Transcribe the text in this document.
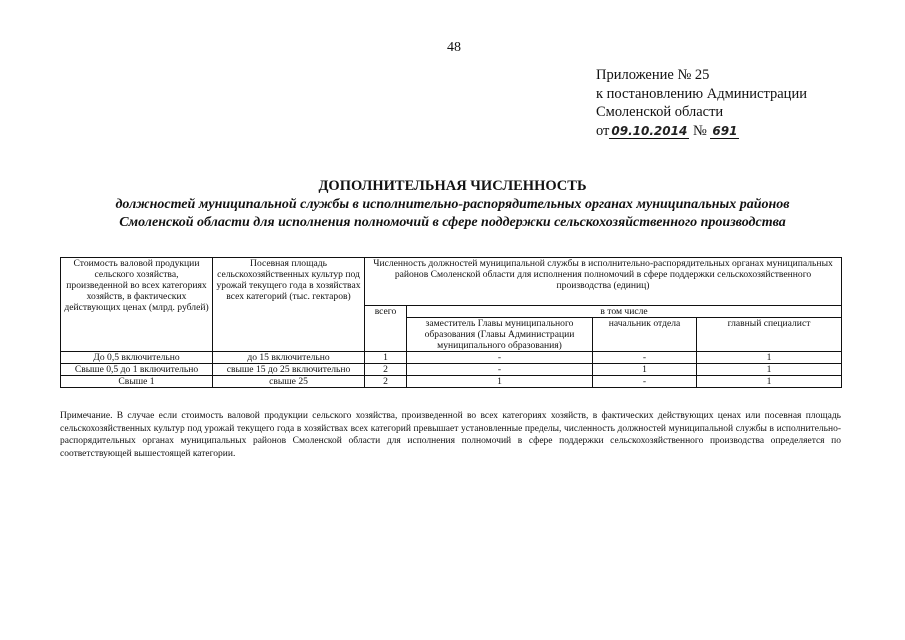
48
Приложение № 25
к постановлению Администрации
Смоленской области
от 09.10.2014 № 691
ДОПОЛНИТЕЛЬНАЯ ЧИСЛЕННОСТЬ
должностей муниципальной службы в исполнительно-распорядительных органах муниципальных районов
Смоленской области для исполнения полномочий в сфере поддержки сельскохозяйственного производства
Стоимость валовой продукции сельского хозяйства, произведенной во всех категориях хозяйств, в фактических действующих ценах (млрд. рублей)	Посевная площадь сельскохозяйственных культур под урожай текущего года в хозяйствах всех категорий (тыс. гектаров)	Численность должностей муниципальной службы в исполнительно-распорядительных органах муниципальных районов Смоленской области для исполнения полномочий в сфере поддержки сельскохозяйственного производства (единиц)			
		всего	в том числе		
			заместитель Главы муниципального образования (Главы Администрации муниципального образования)	начальник отдела	главный специалист
До 0,5 включительно	до 15 включительно	1	-	-	1
Свыше 0,5 до 1 включительно	свыше 15 до 25 включительно	2	-	1	1
Свыше 1	свыше 25	2	1	-	1
Примечание. В случае если стоимость валовой продукции сельского хозяйства, произведенной во всех категориях хозяйств, в фактических действующих ценах или посевная площадь сельскохозяйственных культур под урожай текущего года в хозяйствах всех категорий превышает установленные пределы, численность должностей муниципальной службы в исполнительно-распорядительных органах муниципальных районов Смоленской области для исполнения полномочий в сфере поддержки сельскохозяйственного производства определяется по соответствующей вышестоящей категории.
